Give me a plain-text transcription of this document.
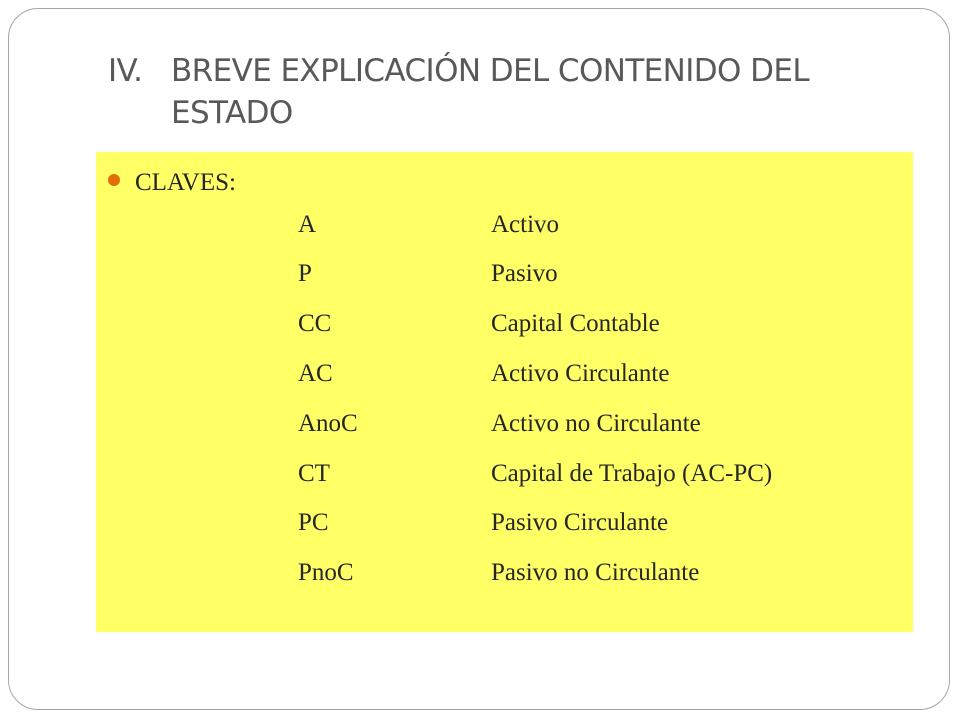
IV. BREVE EXPLICACIÓN DEL CONTENIDO DEL ESTADO
CLAVES:
A	Activo
P	Pasivo
CC	Capital Contable
AC	Activo Circulante
AnoC	Activo no Circulante
CT	Capital de Trabajo (AC-PC)
PC	Pasivo Circulante
PnoC	Pasivo no Circulante
